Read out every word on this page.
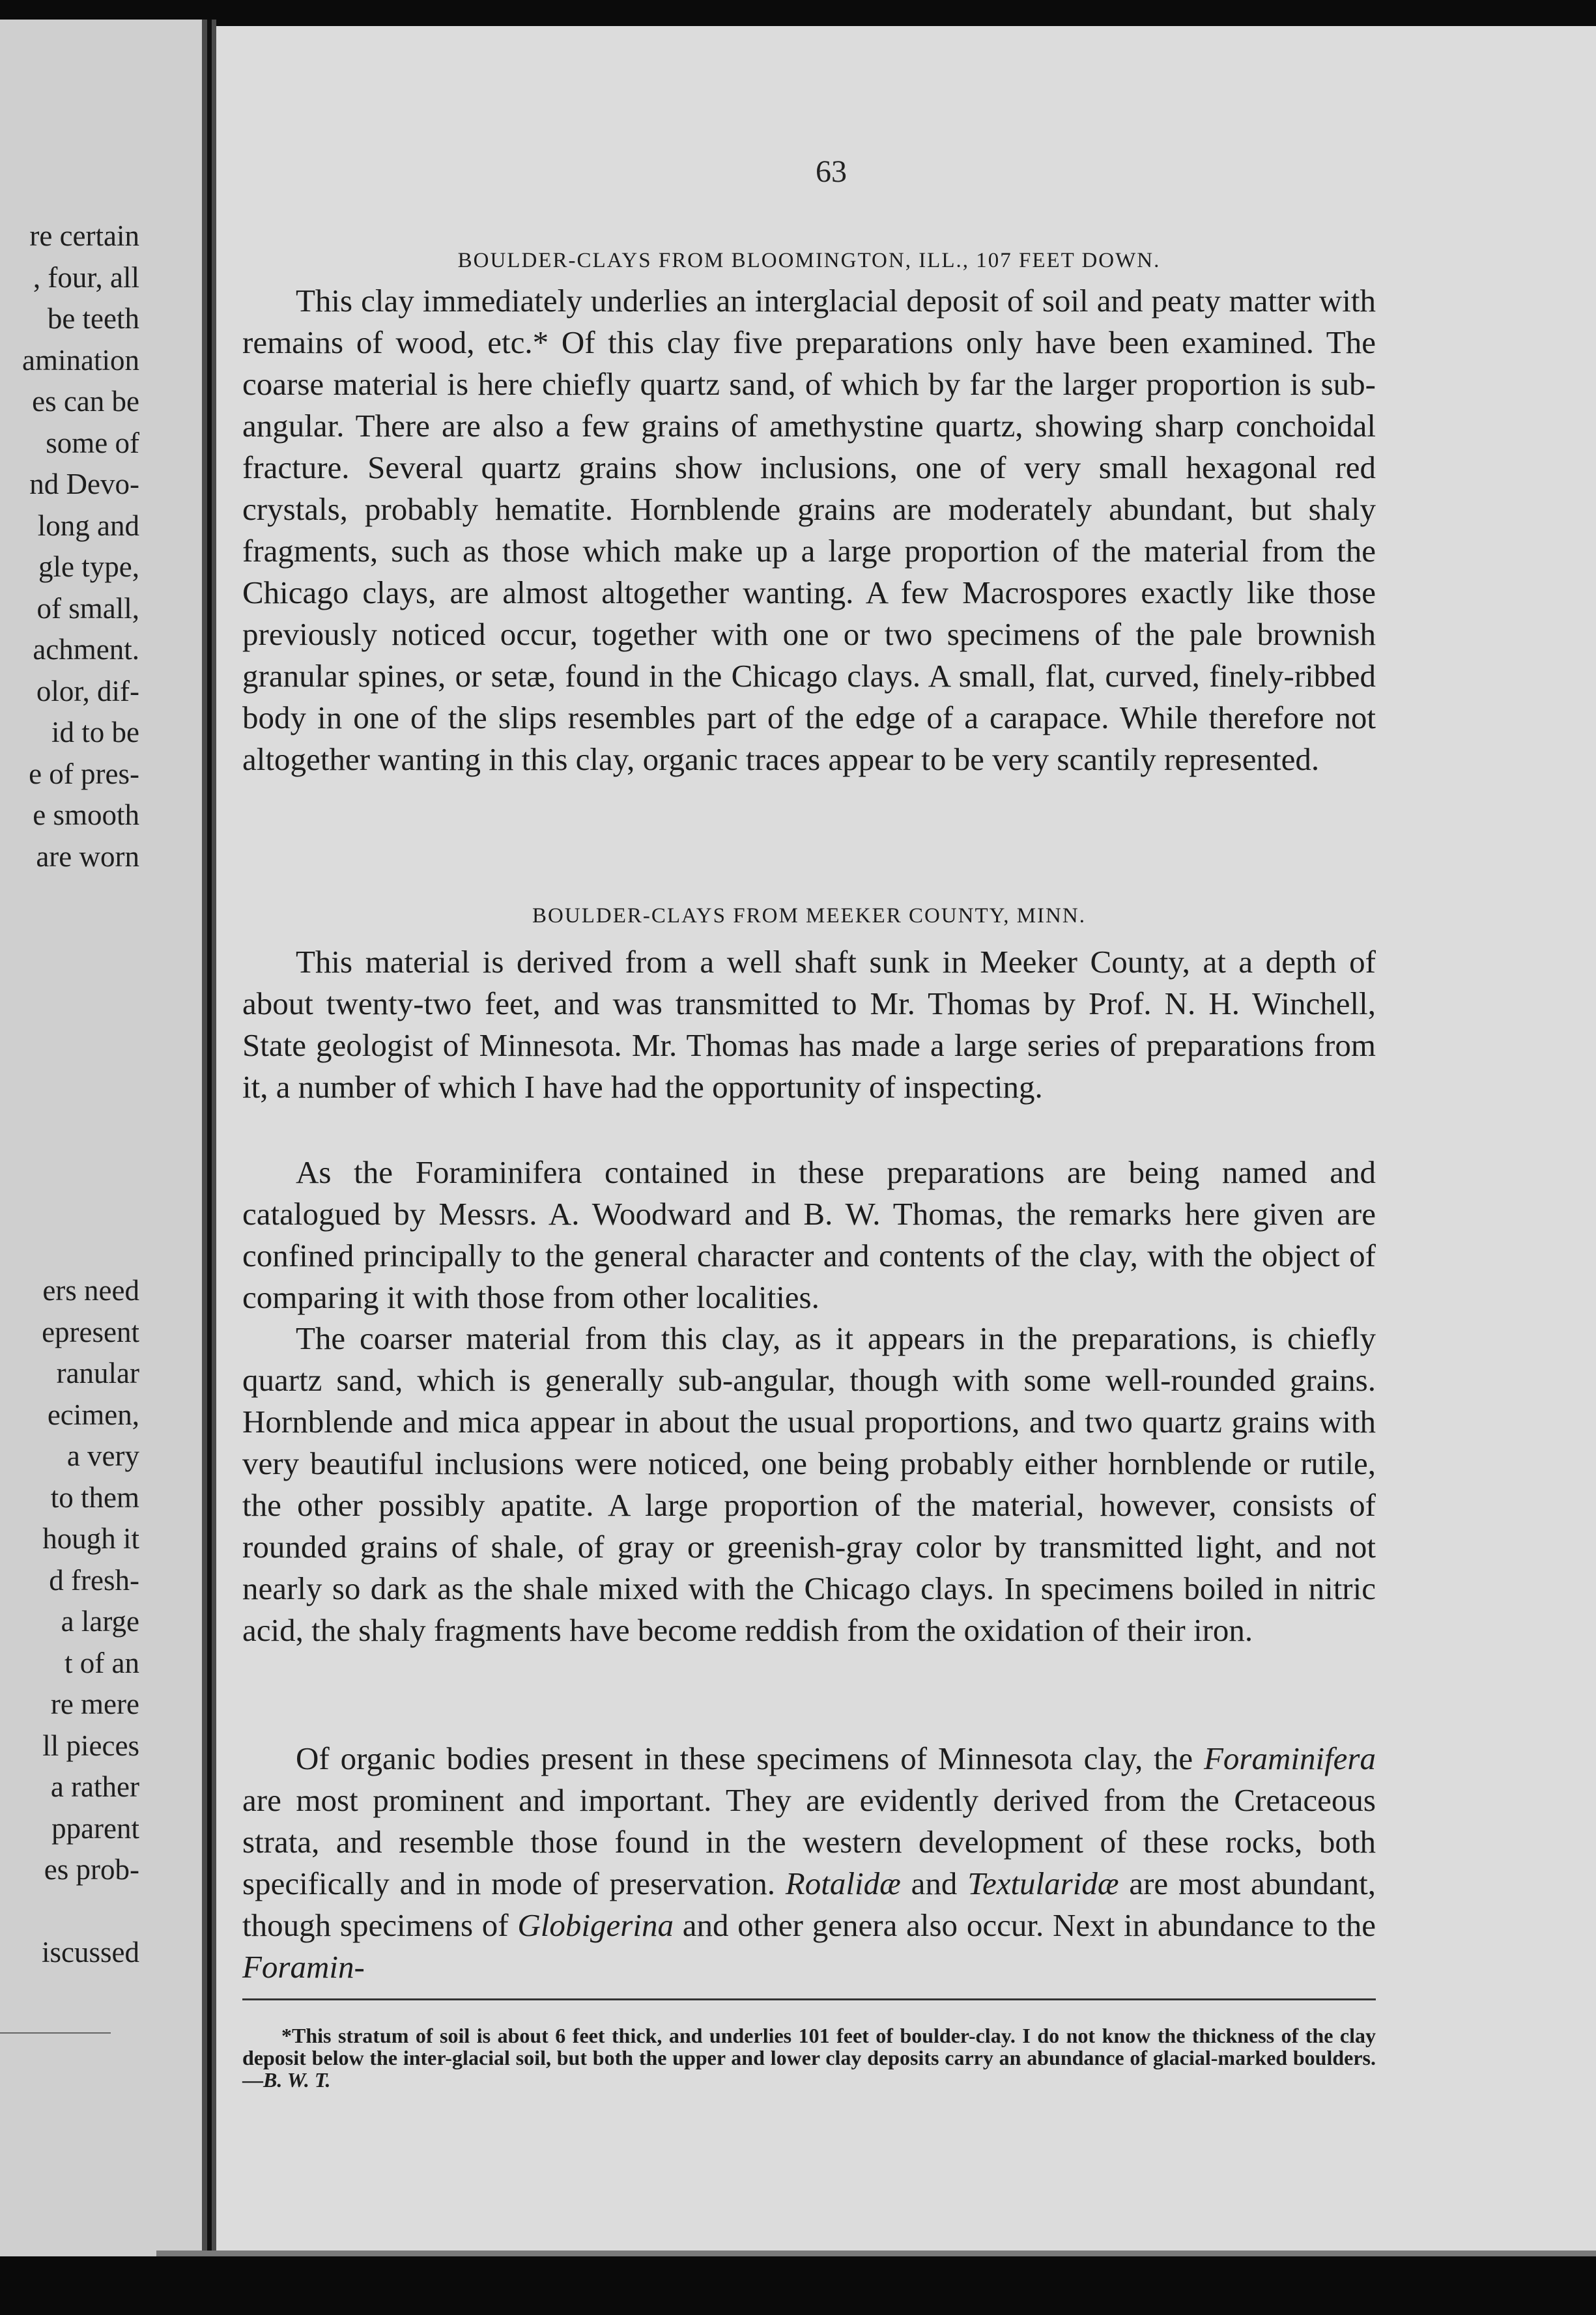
re certain
, four, all
be teeth
amination
es can be
some of
nd Devo-
long and
gle type,
of small,
achment.
olor, dif-
id to be
e of pres-
e smooth
are worn
ers need
epresent
ranular
ecimen,
a very
to them
hough it
d fresh-
a large
t of an
re mere
ll pieces
a rather
pparent
es prob-
iscussed
63
BOULDER-CLAYS FROM BLOOMINGTON, ILL., 107 FEET DOWN.

This clay immediately underlies an interglacial deposit of soil and peaty matter with remains of wood, etc.* Of this clay five preparations only have been examined. The coarse material is here chiefly quartz sand, of which by far the larger proportion is sub-angular. There are also a few grains of amethystine quartz, showing sharp conchoidal fracture. Several quartz grains show inclusions, one of very small hexagonal red crystals, probably hematite. Hornblende grains are moderately abundant, but shaly fragments, such as those which make up a large proportion of the material from the Chicago clays, are almost altogether wanting. A few Macrospores exactly like those previously noticed occur, together with one or two specimens of the pale brownish granular spines, or setæ, found in the Chicago clays. A small, flat, curved, finely-ribbed body in one of the slips resembles part of the edge of a carapace. While therefore not altogether wanting in this clay, organic traces appear to be very scantily represented.

BOULDER-CLAYS FROM MEEKER COUNTY, MINN.

This material is derived from a well shaft sunk in Meeker County, at a depth of about twenty-two feet, and was transmitted to Mr. Thomas by Prof. N. H. Winchell, State geologist of Minnesota. Mr. Thomas has made a large series of preparations from it, a number of which I have had the opportunity of inspecting.

As the Foraminifera contained in these preparations are being named and catalogued by Messrs. A. Woodward and B. W. Thomas, the remarks here given are confined principally to the general character and contents of the clay, with the object of comparing it with those from other localities.

The coarser material from this clay, as it appears in the preparations, is chiefly quartz sand, which is generally sub-angular, though with some well-rounded grains. Hornblende and mica appear in about the usual proportions, and two quartz grains with very beautiful inclusions were noticed, one being probably either hornblende or rutile, the other possibly apatite. A large proportion of the material, however, consists of rounded grains of shale, of gray or greenish-gray color by transmitted light, and not nearly so dark as the shale mixed with the Chicago clays. In specimens boiled in nitric acid, the shaly fragments have become reddish from the oxidation of their iron.

Of organic bodies present in these specimens of Minnesota clay, the Foraminifera are most prominent and important. They are evidently derived from the Cretaceous strata, and resemble those found in the western development of these rocks, both specifically and in mode of preservation. Rotalidæ and Textularidæ are most abundant, though specimens of Globigerina and other genera also occur. Next in abundance to the Foramin-

*This stratum of soil is about 6 feet thick, and underlies 101 feet of boulder-clay. I do not know the thickness of the clay deposit below the inter-glacial soil, but both the upper and lower clay deposits carry an abundance of glacial-marked boulders.—B. W. T.
